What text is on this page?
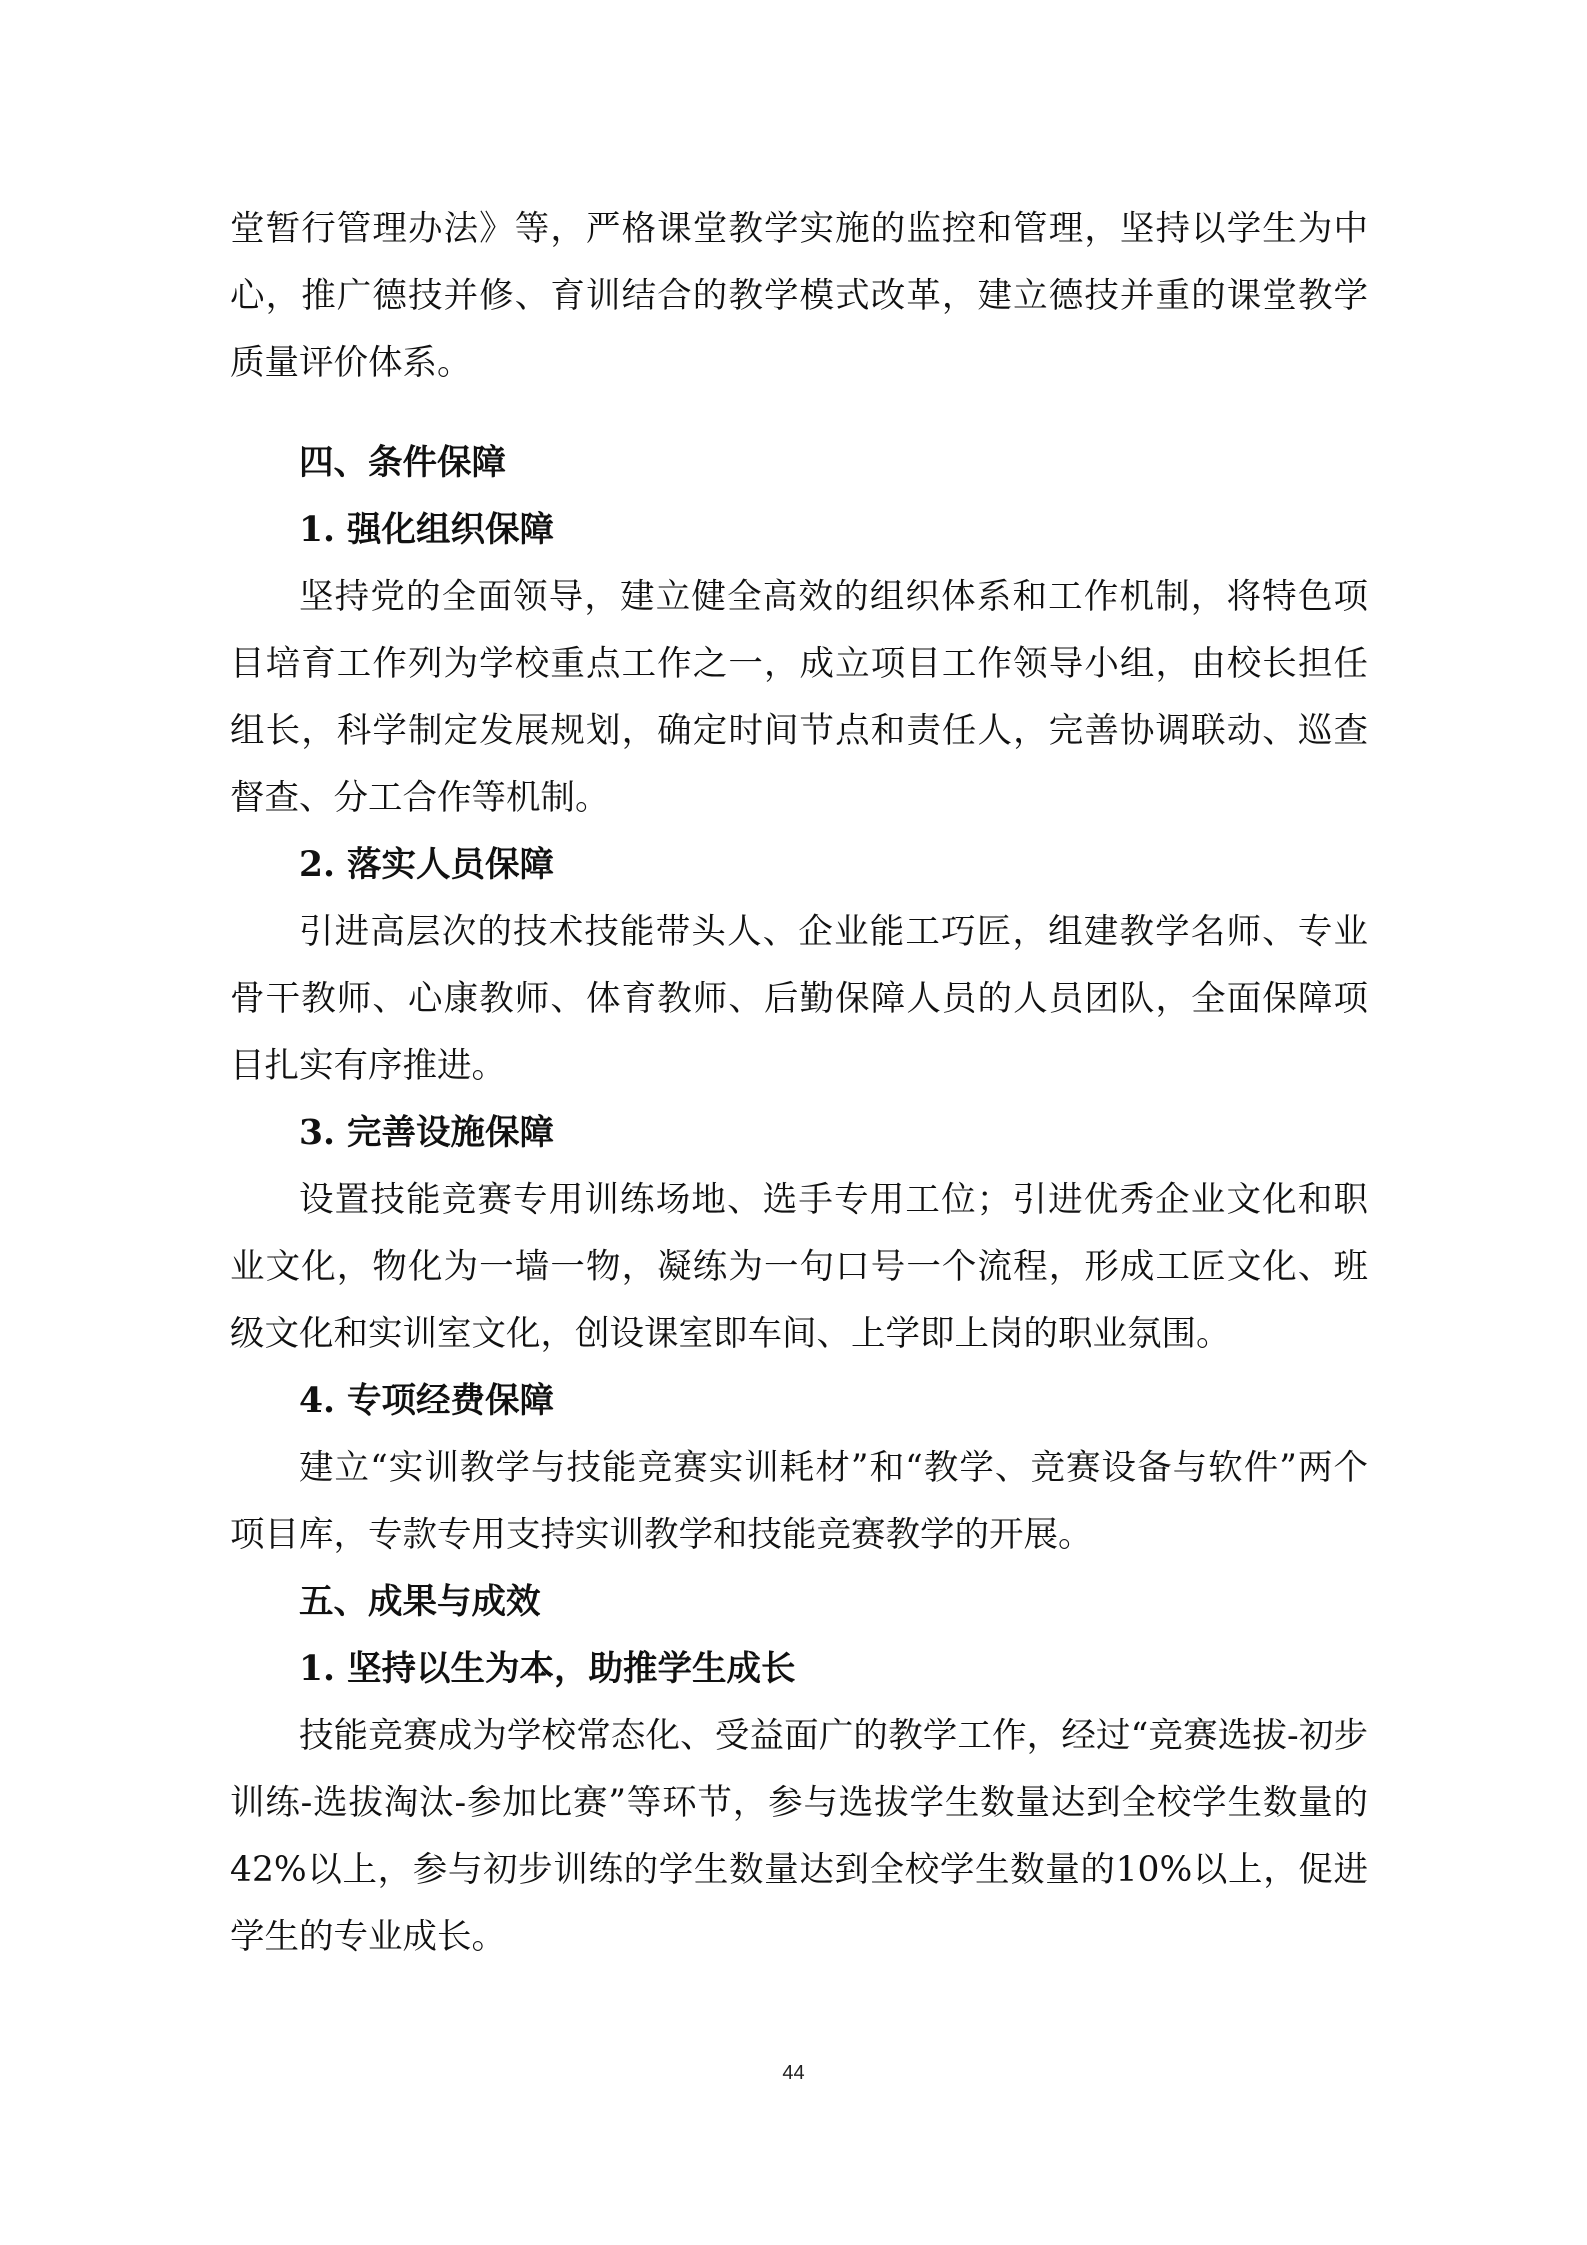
堂暂行管理办法》等，严格课堂教学实施的监控和管理，坚持以学生为中心，推广德技并修、育训结合的教学模式改革，建立德技并重的课堂教学质量评价体系。

四、条件保障

1. 强化组织保障

坚持党的全面领导，建立健全高效的组织体系和工作机制，将特色项目培育工作列为学校重点工作之一，成立项目工作领导小组，由校长担任组长，科学制定发展规划，确定时间节点和责任人，完善协调联动、巡查督查、分工合作等机制。

2. 落实人员保障

引进高层次的技术技能带头人、企业能工巧匠，组建教学名师、专业骨干教师、心康教师、体育教师、后勤保障人员的人员团队，全面保障项目扎实有序推进。

3. 完善设施保障

设置技能竞赛专用训练场地、选手专用工位；引进优秀企业文化和职业文化，物化为一墙一物，凝练为一句口号一个流程，形成工匠文化、班级文化和实训室文化，创设课室即车间、上学即上岗的职业氛围。

4. 专项经费保障

建立“实训教学与技能竞赛实训耗材”和“教学、竞赛设备与软件”两个项目库，专款专用支持实训教学和技能竞赛教学的开展。

五、成果与成效

1. 坚持以生为本，助推学生成长

技能竞赛成为学校常态化、受益面广的教学工作，经过“竞赛选拔-初步训练-选拔淘汰-参加比赛”等环节，参与选拔学生数量达到全校学生数量的 42%以上，参与初步训练的学生数量达到全校学生数量的10%以上，促进学生的专业成长。

44
